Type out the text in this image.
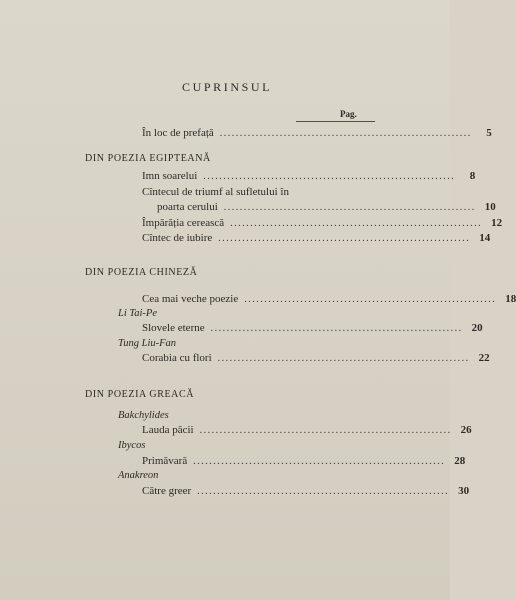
CUPRINSUL
Pag.
În loc de prefață ...............................................................	5
DIN POEZIA EGIPTEANĂ
Imn soarelui ...............................................................	8
Cîntecul de triumf al sufletului în
poarta cerului ............................................................... 10
Împărăția cerească ............................................................... 12
Cîntec de iubire ............................................................... 14
DIN POEZIA CHINEZĂ
Cea mai veche poezie ............................................................... 18
Li Tai-Pe
Slovele eterne ............................................................... 20
Tung Liu-Fan
Corabia cu flori ............................................................... 22
DIN POEZIA GREACĂ
Bakchylides
Lauda păcii ............................................................... 26
Ibycos
Primăvară ............................................................... 28
Anakreon
Către greer ............................................................... 30
